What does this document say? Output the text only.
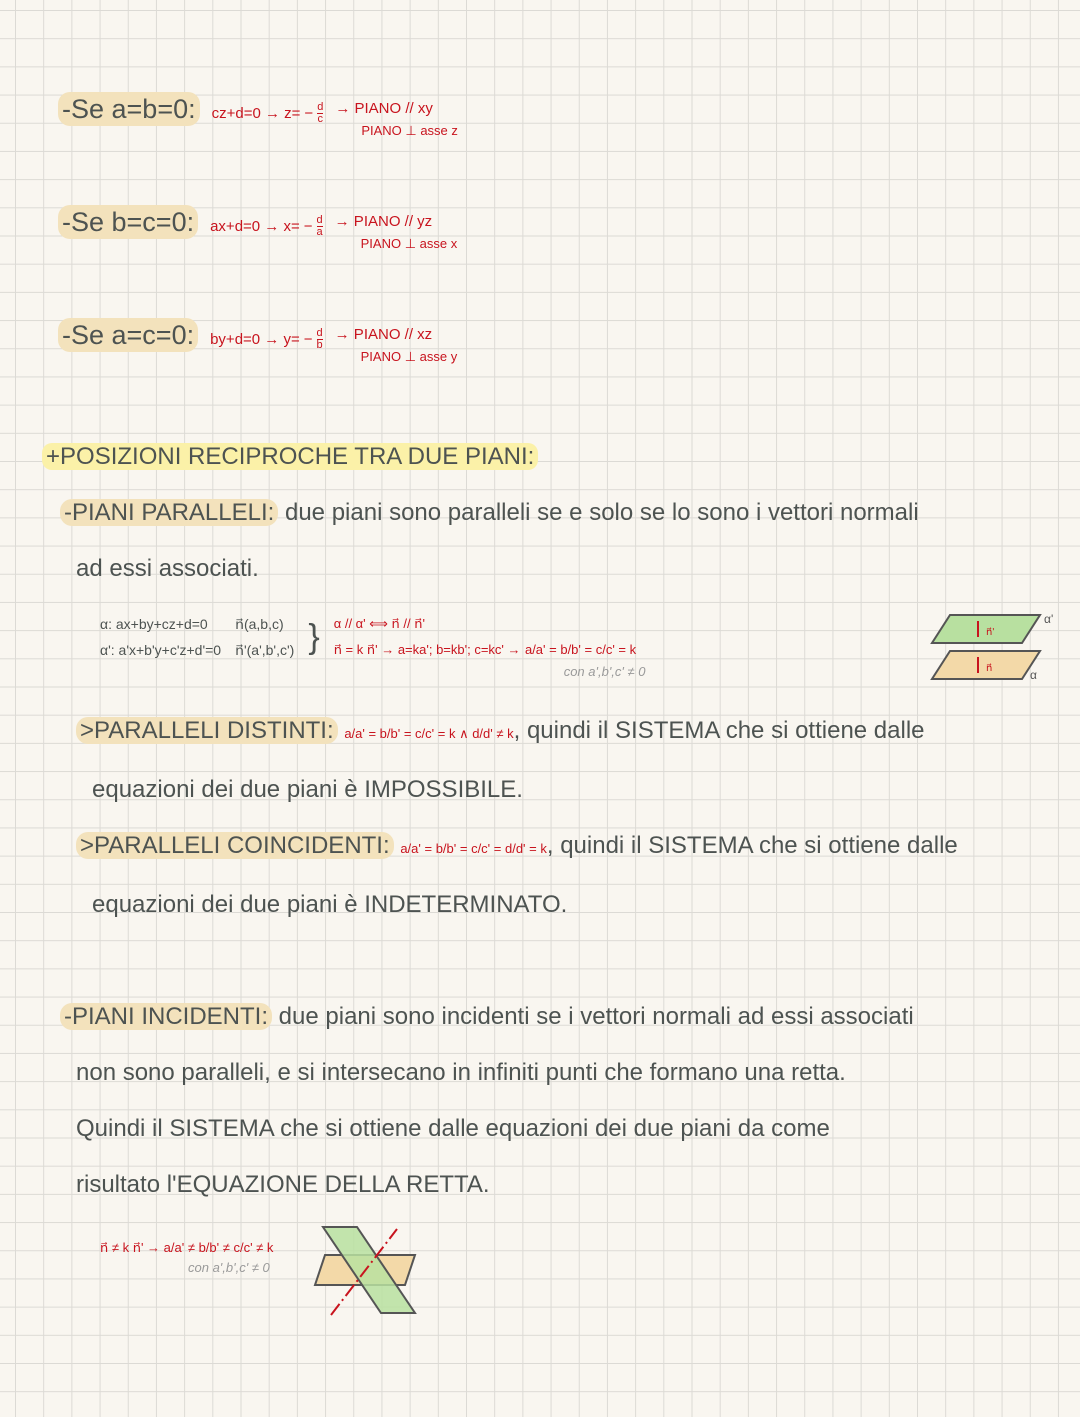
-Se a=b=0: $cz+d=0 \to z= - \frac{d}{c}$ → PIANO // xy
PIANO ⊥ asse z
-Se b=c=0: $ax+d=0 \to x= - \frac{d}{a}$ → PIANO // yz
PIANO ⊥ asse x
-Se a=c=0: $by+d=0 \to y= - \frac{d}{b}$ → PIANO // xz
PIANO ⊥ asse y
+POSIZIONI RECIPROCHE TRA DUE PIANI:
-PIANI PARALLELI: due piani sono paralleli se e solo se lo sono i vettori normali
ad essi associati.
α: ax+by+cz+d=0
α': a'x+b'y+c'z+d'=0
n⃗(a,b,c)
n⃗'(a',b',c') } α // α' ⟺ n⃗ // n⃗'
n⃗ = k n⃗' → a=ka'; b=kb'; c=kc' → a/a' = b/b' = c/c' = k
con a',b',c' ≠ 0
n⃗'
n⃗
α'
α
>PARALLELI DISTINTI: a/a' = b/b' = c/c' = k ∧ d/d' ≠ k, quindi il SISTEMA che si ottiene dalle
equazioni dei due piani è IMPOSSIBILE.
>PARALLELI COINCIDENTI: a/a' = b/b' = c/c' = d/d' = k, quindi il SISTEMA che si ottiene dalle
equazioni dei due piani è INDETERMINATO.
-PIANI INCIDENTI: due piani sono incidenti se i vettori normali ad essi associati
non sono paralleli, e si intersecano in infiniti punti che formano una retta.
Quindi il SISTEMA che si ottiene dalle equazioni dei due piani da come
risultato l'EQUAZIONE DELLA RETTA.
n⃗ ≠ k n⃗' → a/a' ≠ b/b' ≠ c/c' ≠ k
con a',b',c' ≠ 0
